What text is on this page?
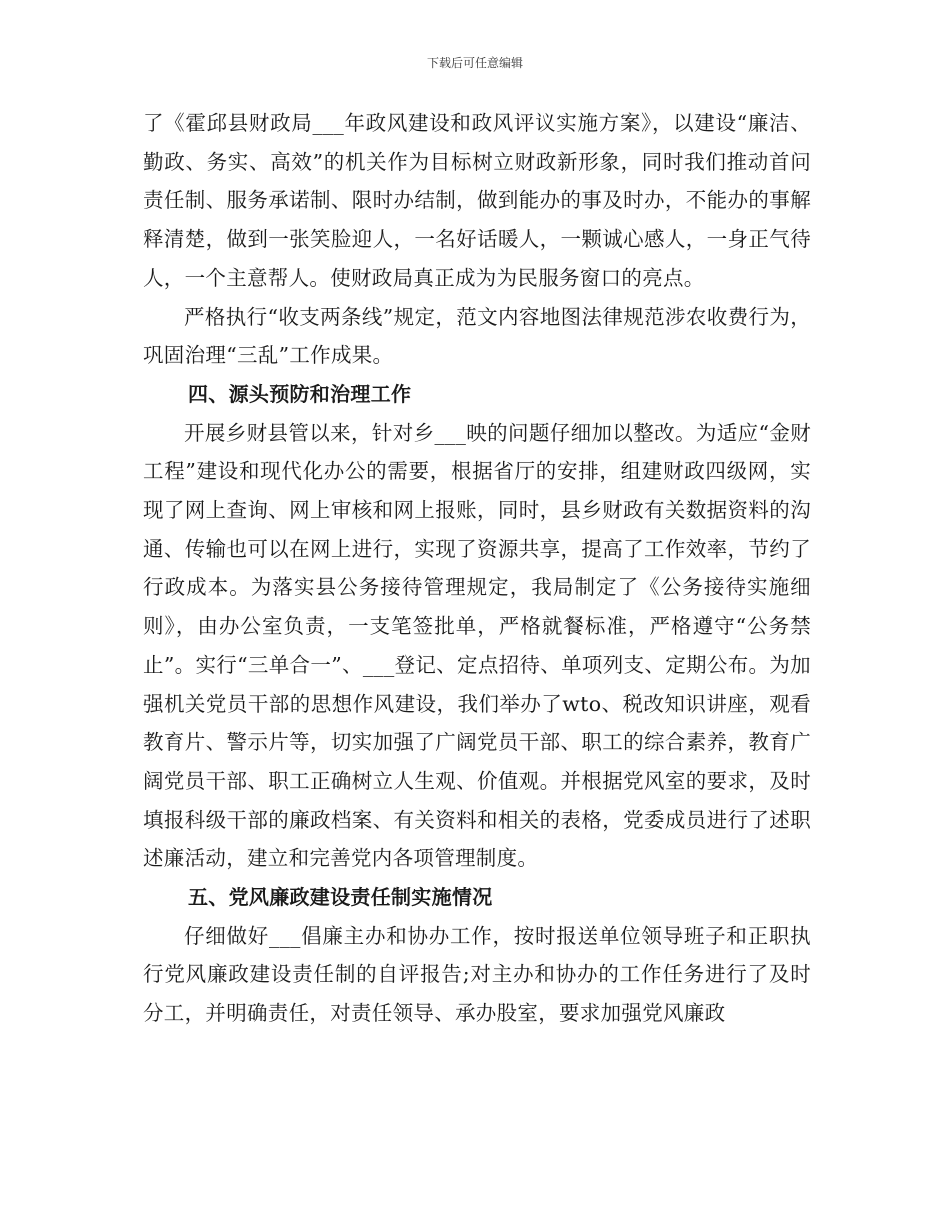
下载后可任意编辑

了《霍邱县财政局___年政风建设和政风评议实施方案》，以建设“廉洁、勤政、务实、高效”的机关作为目标树立财政新形象，同时我们推动首问责任制、服务承诺制、限时办结制，做到能办的事及时办，不能办的事解释清楚，做到一张笑脸迎人，一名好话暖人，一颗诚心感人，一身正气待人，一个主意帮人。使财政局真正成为为民服务窗口的亮点。

严格执行“收支两条线”规定，范文内容地图法律规范涉农收费行为，巩固治理“三乱”工作成果。

四、源头预防和治理工作

开展乡财县管以来，针对乡___映的问题仔细加以整改。为适应“金财工程”建设和现代化办公的需要，根据省厅的安排，组建财政四级网，实现了网上查询、网上审核和网上报账，同时，县乡财政有关数据资料的沟通、传输也可以在网上进行，实现了资源共享，提高了工作效率，节约了行政成本。为落实县公务接待管理规定，我局制定了《公务接待实施细则》，由办公室负责，一支笔签批单，严格就餐标准，严格遵守“公务禁止”。实行“三单合一”、___登记、定点招待、单项列支、定期公布。为加强机关党员干部的思想作风建设，我们举办了wto、税改知识讲座，观看教育片、警示片等，切实加强了广阔党员干部、职工的综合素养，教育广阔党员干部、职工正确树立人生观、价值观。并根据党风室的要求，及时填报科级干部的廉政档案、有关资料和相关的表格，党委成员进行了述职述廉活动，建立和完善党内各项管理制度。

五、党风廉政建设责任制实施情况

仔细做好___倡廉主办和协办工作，按时报送单位领导班子和正职执行党风廉政建设责任制的自评报告;对主办和协办的工作任务进行了及时分工，并明确责任，对责任领导、承办股室，要求加强党风廉政
